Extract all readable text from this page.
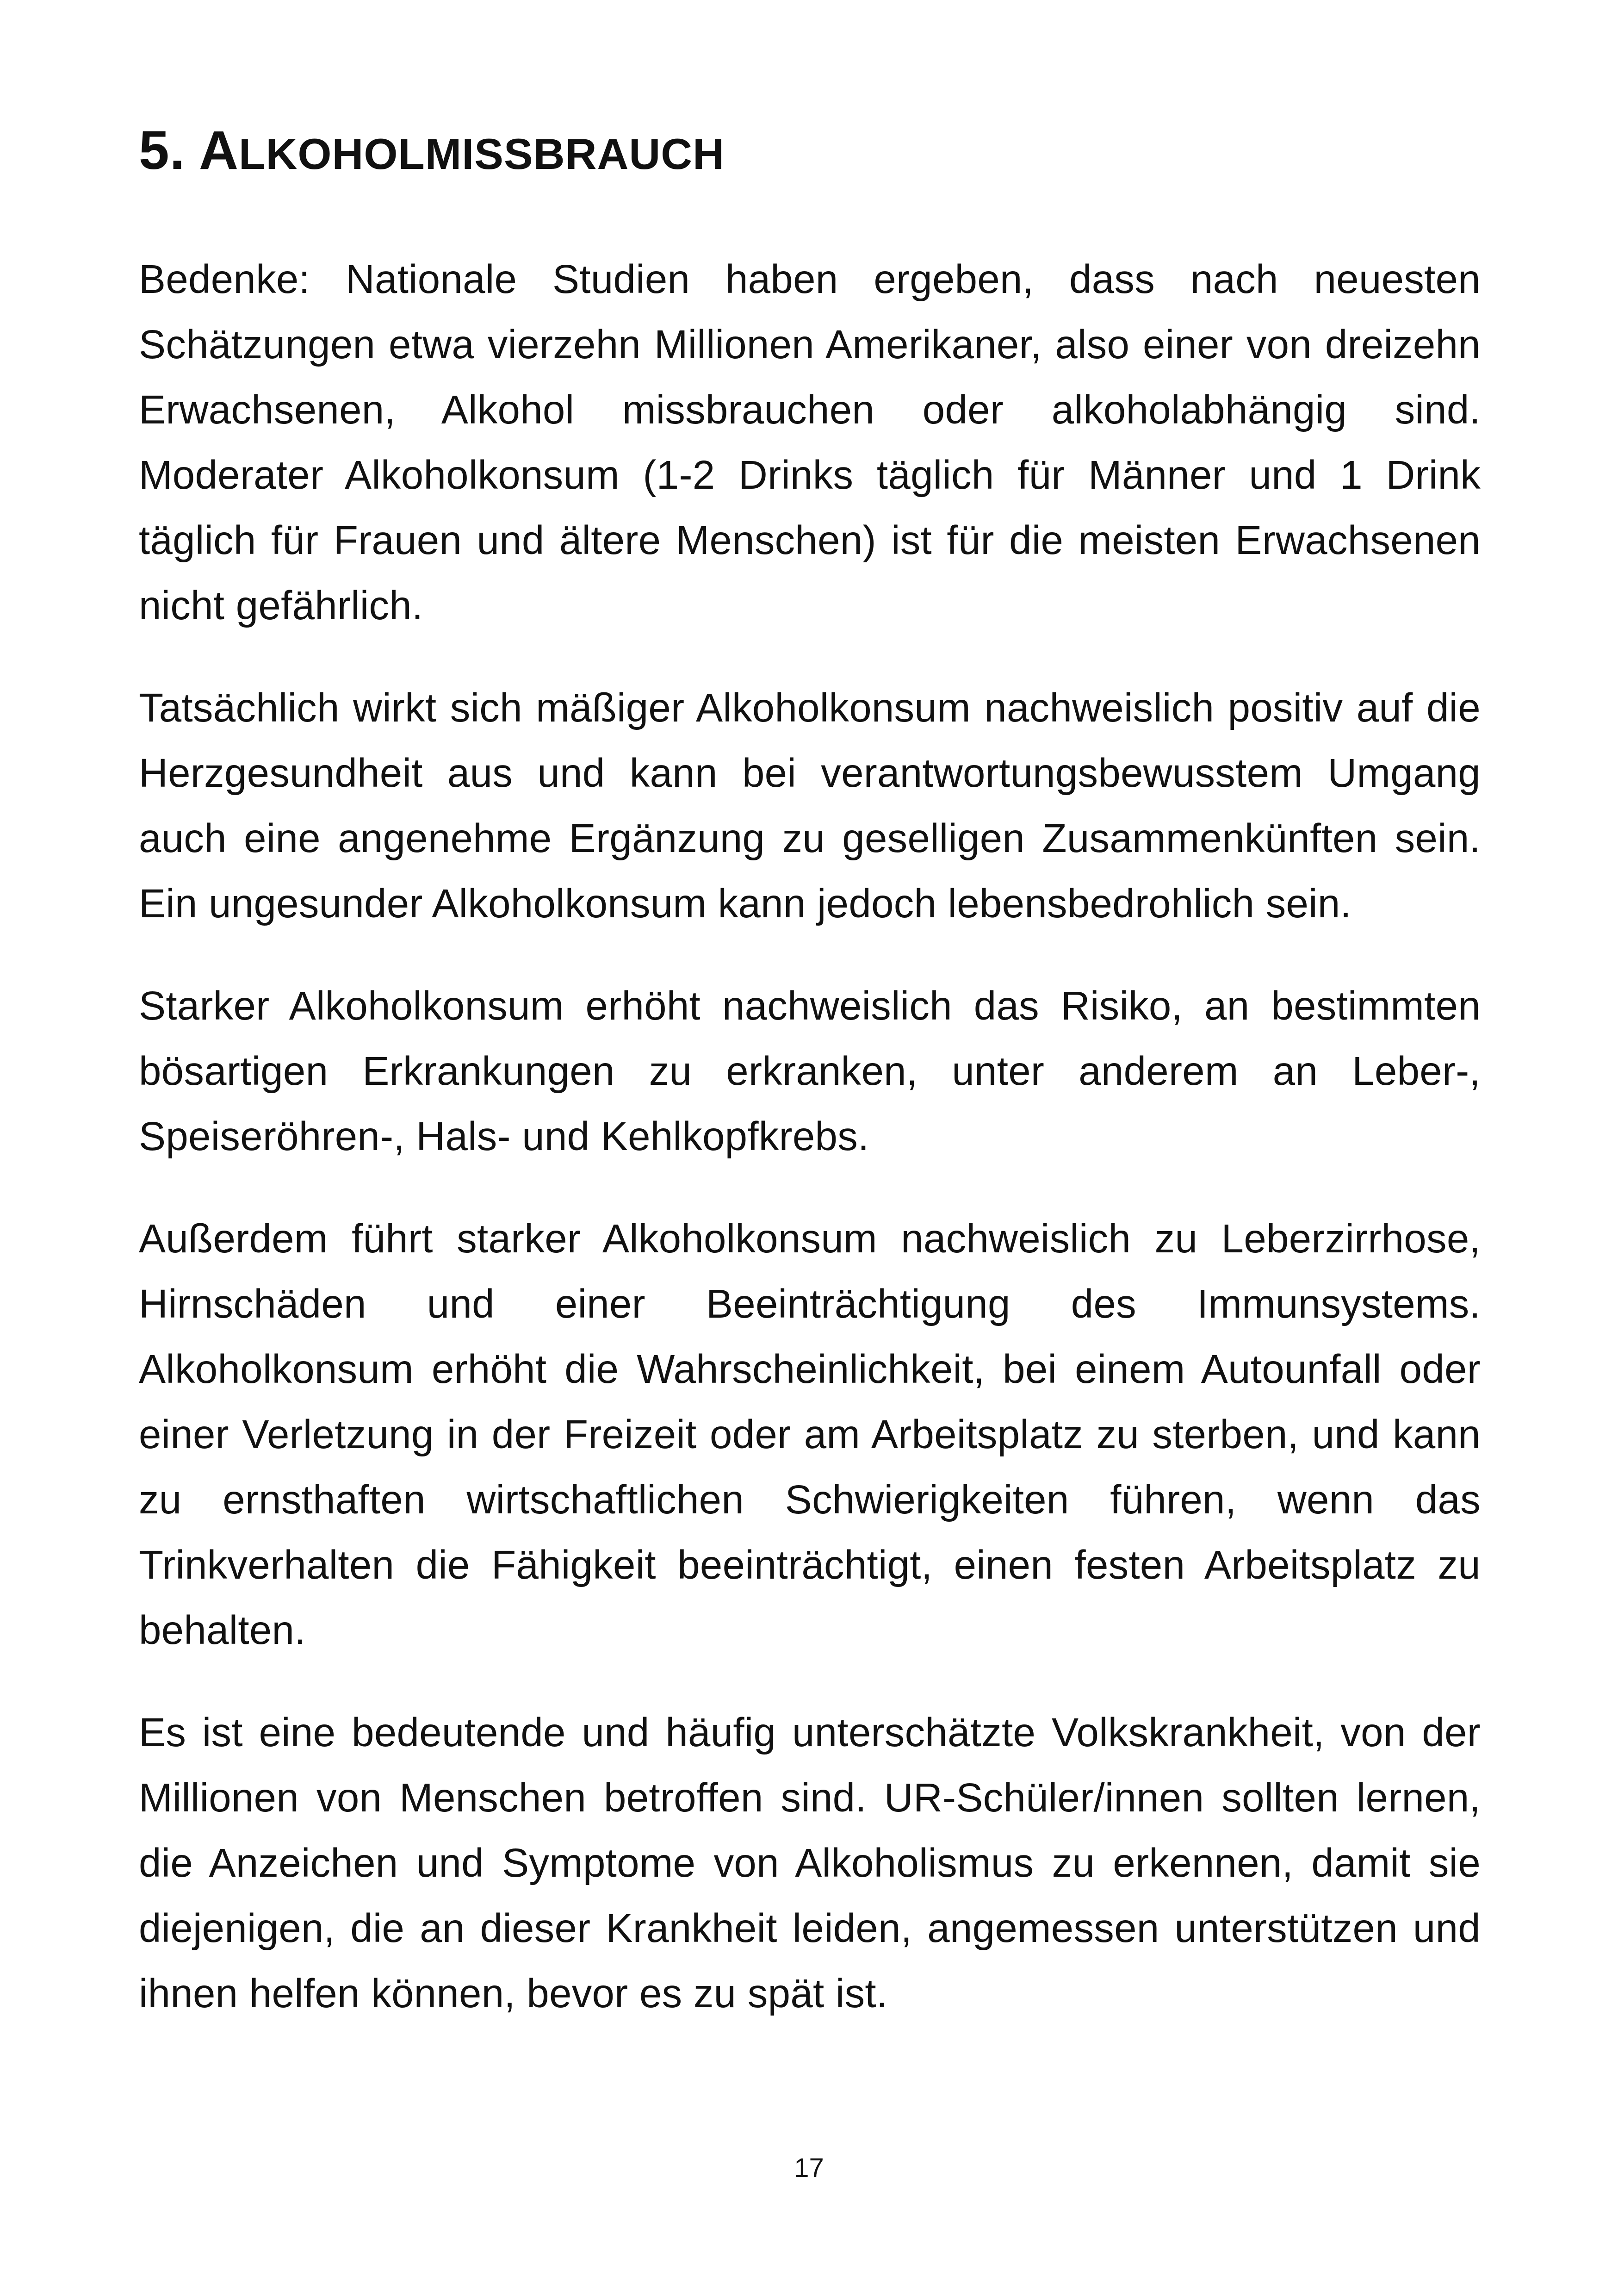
5. ALKOHOLMISSBRAUCH

Bedenke: Nationale Studien haben ergeben, dass nach neuesten Schätzungen etwa vierzehn Millionen Amerikaner, also einer von dreizehn Erwachsenen, Alkohol missbrauchen oder alkoholabhängig sind. Moderater Alkoholkonsum (1-2 Drinks täglich für Männer und 1 Drink täglich für Frauen und ältere Menschen) ist für die meisten Erwachsenen nicht gefährlich.

Tatsächlich wirkt sich mäßiger Alkoholkonsum nachweislich positiv auf die Herzgesundheit aus und kann bei verantwortungsbewusstem Umgang auch eine angenehme Ergänzung zu geselligen Zusammenkünften sein. Ein ungesunder Alkoholkonsum kann jedoch lebensbedrohlich sein.

Starker Alkoholkonsum erhöht nachweislich das Risiko, an bestimmten bösartigen Erkrankungen zu erkranken, unter anderem an Leber-, Speiseröhren-, Hals- und Kehlkopfkrebs.

Außerdem führt starker Alkoholkonsum nachweislich zu Leberzirrhose, Hirnschäden und einer Beeinträchtigung des Immunsystems. Alkoholkonsum erhöht die Wahrscheinlichkeit, bei einem Autounfall oder einer Verletzung in der Freizeit oder am Arbeitsplatz zu sterben, und kann zu ernsthaften wirtschaftlichen Schwierigkeiten führen, wenn das Trinkverhalten die Fähigkeit beeinträchtigt, einen festen Arbeitsplatz zu behalten.

Es ist eine bedeutende und häufig unterschätzte Volkskrankheit, von der Millionen von Menschen betroffen sind. UR-Schüler/innen sollten lernen, die Anzeichen und Symptome von Alkoholismus zu erkennen, damit sie diejenigen, die an dieser Krankheit leiden, angemessen unterstützen und ihnen helfen können, bevor es zu spät ist.

17
